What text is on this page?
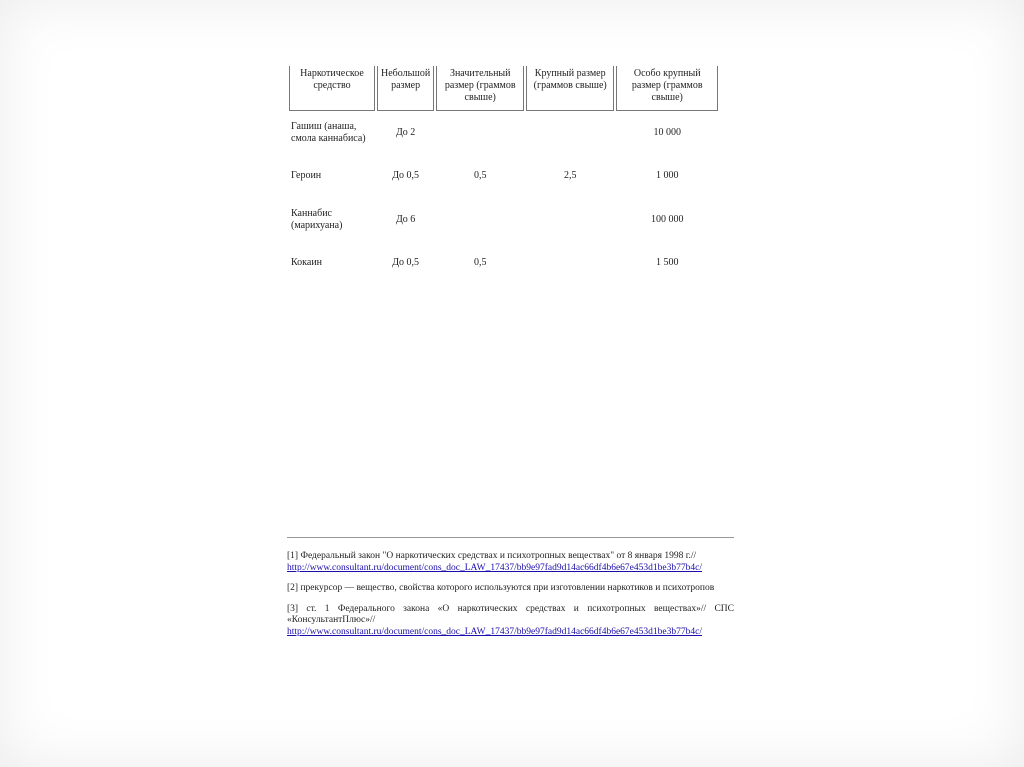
Наркотическое средство	Небольшой размер	Значительный размер (граммов свыше)	Крупный размер (граммов свыше)	Особо крупный размер (граммов свыше)
Гашиш (анаша, смола каннабиса)	До 2			10 000
Героин	До 0,5	0,5	2,5	1 000
Каннабис (марихуана)	До 6			100 000
Кокаин	До 0,5	0,5		1 500

[1] Федеральный закон "О наркотических средствах и психотропных веществах" от 8 января 1998 г.//
http://www.consultant.ru/document/cons_doc_LAW_17437/bb9e97fad9d14ac66df4b6e67e453d1be3b77b4c/

[2] прекурсор — вещество, свойства которого используются при изготовлении наркотиков и психотропов

[3] ст. 1 Федерального закона «О наркотических средствах и психотропных веществах»// СПС «КонсультантПлюс»//
http://www.consultant.ru/document/cons_doc_LAW_17437/bb9e97fad9d14ac66df4b6e67e453d1be3b77b4c/
